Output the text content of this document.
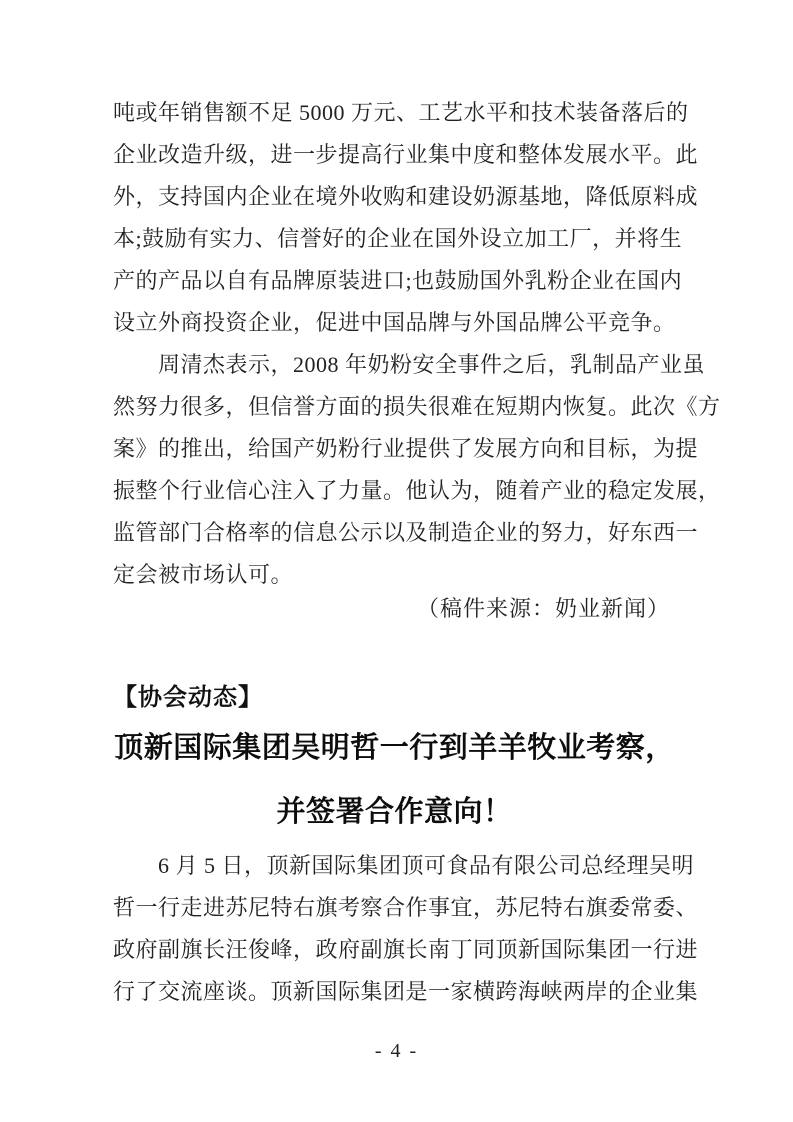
吨或年销售额不足 5000 万元、工艺水平和技术装备落后的
企业改造升级，进一步提高行业集中度和整体发展水平。此
外，支持国内企业在境外收购和建设奶源基地，降低原料成
本;鼓励有实力、信誉好的企业在国外设立加工厂，并将生
产的产品以自有品牌原装进口;也鼓励国外乳粉企业在国内
设立外商投资企业，促进中国品牌与外国品牌公平竞争。
周清杰表示，2008 年奶粉安全事件之后，乳制品产业虽
然努力很多，但信誉方面的损失很难在短期内恢复。此次《方
案》的推出，给国产奶粉行业提供了发展方向和目标，为提
振整个行业信心注入了力量。他认为，随着产业的稳定发展，
监管部门合格率的信息公示以及制造企业的努力，好东西一
定会被市场认可。
（稿件来源：奶业新闻）
【协会动态】
顶新国际集团吴明哲一行到羊羊牧业考察，
并签署合作意向！
6 月 5 日，顶新国际集团顶可食品有限公司总经理吴明
哲一行走进苏尼特右旗考察合作事宜，苏尼特右旗委常委、
政府副旗长汪俊峰，政府副旗长南丁同顶新国际集团一行进
行了交流座谈。顶新国际集团是一家横跨海峡两岸的企业集
- 4 -
